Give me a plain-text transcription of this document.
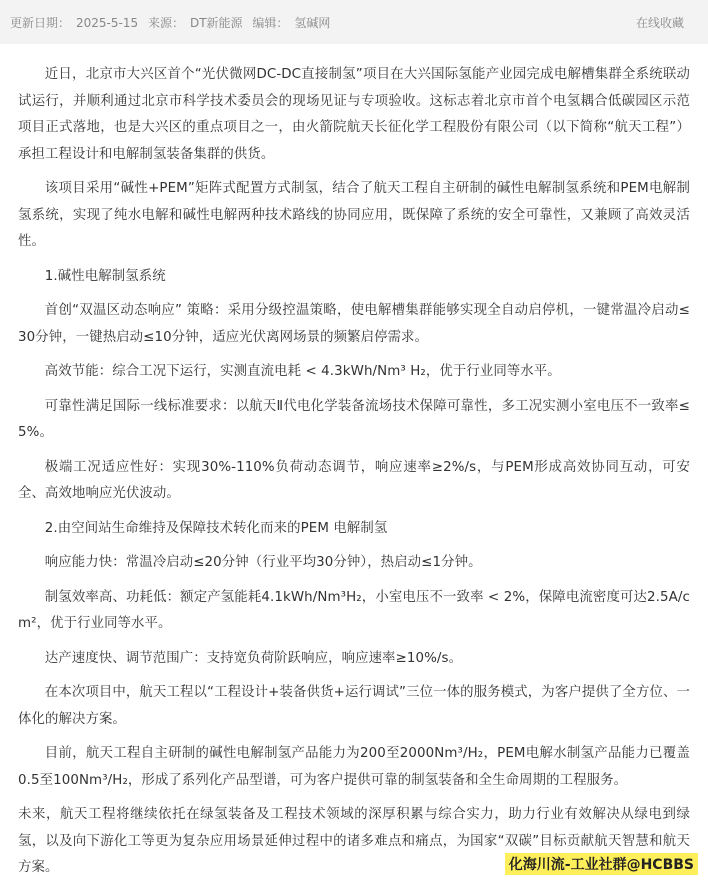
更新日期： 2025-5-15 来源： DT新能源 编辑： 氢碱网	在线收藏

近日，北京市大兴区首个“光伏微网DC-DC直接制氢”项目在大兴国际氢能产业园完成电解槽集群全系统联动试运行，并顺利通过北京市科学技术委员会的现场见证与专项验收。这标志着北京市首个电氢耦合低碳园区示范项目正式落地，也是大兴区的重点项目之一，由火箭院航天长征化学工程股份有限公司（以下简称“航天工程”）承担工程设计和电解制氢装备集群的供货。

该项目采用“碱性+PEM”矩阵式配置方式制氢，结合了航天工程自主研制的碱性电解制氢系统和PEM电解制氢系统，实现了纯水电解和碱性电解两种技术路线的协同应用，既保障了系统的安全可靠性，又兼顾了高效灵活性。

1.碱性电解制氢系统

首创“双温区动态响应” 策略：采用分级控温策略，使电解槽集群能够实现全自动启停机，一键常温冷启动≤30分钟，一键热启动≤10分钟，适应光伏离网场景的频繁启停需求。

高效节能：综合工况下运行，实测直流电耗 < 4.3kWh/Nm³ H₂，优于行业同等水平。

可靠性满足国际一线标准要求：以航天Ⅱ代电化学装备流场技术保障可靠性，多工况实测小室电压不一致率≤5%。

极端工况适应性好：实现30%-110%负荷动态调节，响应速率≥2%/s，与PEM形成高效协同互动，可安全、高效地响应光伏波动。

2.由空间站生命维持及保障技术转化而来的PEM 电解制氢

响应能力快：常温冷启动≤20分钟（行业平均30分钟），热启动≤1分钟。

制氢效率高、功耗低：额定产氢能耗4.1kWh/Nm³H₂，小室电压不一致率 < 2%，保障电流密度可达2.5A/cm²，优于行业同等水平。

达产速度快、调节范围广：支持宽负荷阶跃响应，响应速率≥10%/s。

在本次项目中，航天工程以“工程设计+装备供货+运行调试”三位一体的服务模式，为客户提供了全方位、一体化的解决方案。

目前，航天工程自主研制的碱性电解制氢产品能力为200至2000Nm³/H₂，PEM电解水制氢产品能力已覆盖0.5至100Nm³/H₂，形成了系列化产品型谱，可为客户提供可靠的制氢装备和全生命周期的工程服务。

未来，航天工程将继续依托在绿氢装备及工程技术领域的深厚积累与综合实力，助力行业有效解决从绿电到绿氢，以及向下游化工等更为复杂应用场景延伸过程中的诸多难点和痛点，为国家“双碳”目标贡献航天智慧和航天方案。	化海川流-工业社群@HCBBS
